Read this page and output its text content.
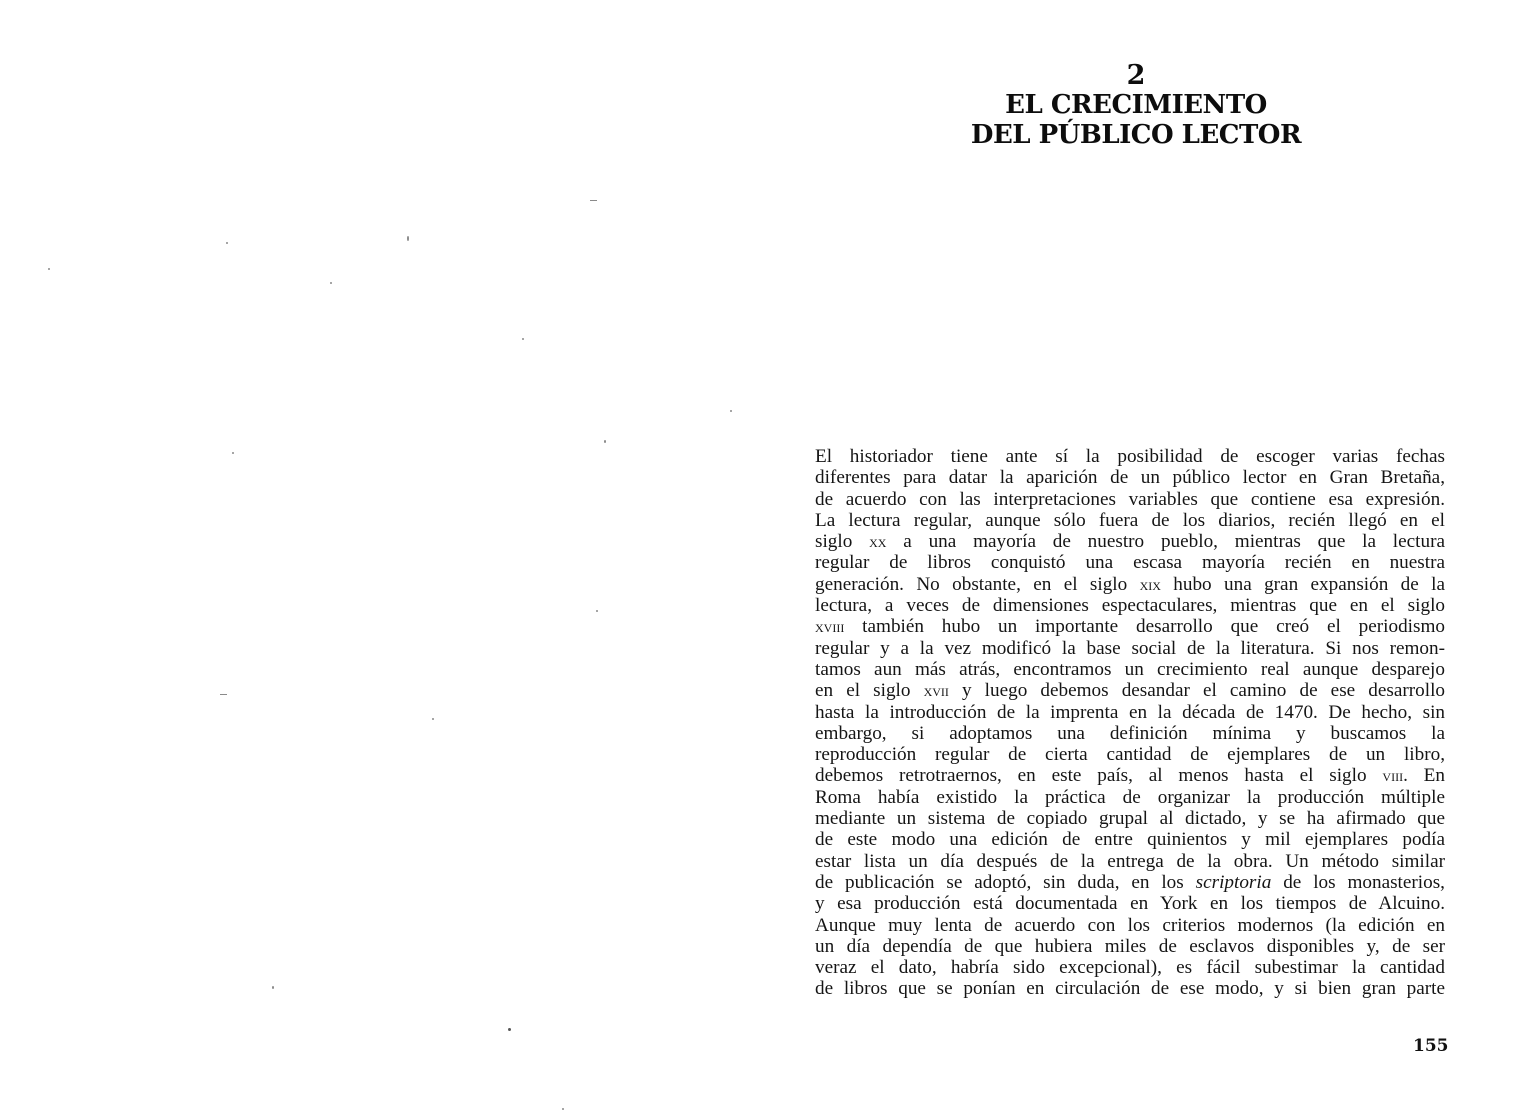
2
EL CRECIMIENTO
DEL PÚBLICO LECTOR
El historiador tiene ante sí la posibilidad de escoger varias fechas
diferentes para datar la aparición de un público lector en Gran Bretaña,
de acuerdo con las interpretaciones variables que contiene esa expresión.
La lectura regular, aunque sólo fuera de los diarios, recién llegó en el
siglo xx a una mayoría de nuestro pueblo, mientras que la lectura
regular de libros conquistó una escasa mayoría recién en nuestra
generación. No obstante, en el siglo xix hubo una gran expansión de la
lectura, a veces de dimensiones espectaculares, mientras que en el siglo
xviii también hubo un importante desarrollo que creó el periodismo
regular y a la vez modificó la base social de la literatura. Si nos remon-
tamos aun más atrás, encontramos un crecimiento real aunque desparejo
en el siglo xvii y luego debemos desandar el camino de ese desarrollo
hasta la introducción de la imprenta en la década de 1470. De hecho, sin
embargo, si adoptamos una definición mínima y buscamos la
reproducción regular de cierta cantidad de ejemplares de un libro,
debemos retrotraernos, en este país, al menos hasta el siglo viii. En
Roma había existido la práctica de organizar la producción múltiple
mediante un sistema de copiado grupal al dictado, y se ha afirmado que
de este modo una edición de entre quinientos y mil ejemplares podía
estar lista un día después de la entrega de la obra. Un método similar
de publicación se adoptó, sin duda, en los scriptoria de los monasterios,
y esa producción está documentada en York en los tiempos de Alcuino.
Aunque muy lenta de acuerdo con los criterios modernos (la edición en
un día dependía de que hubiera miles de esclavos disponibles y, de ser
veraz el dato, habría sido excepcional), es fácil subestimar la cantidad
de libros que se ponían en circulación de ese modo, y si bien gran parte
155
